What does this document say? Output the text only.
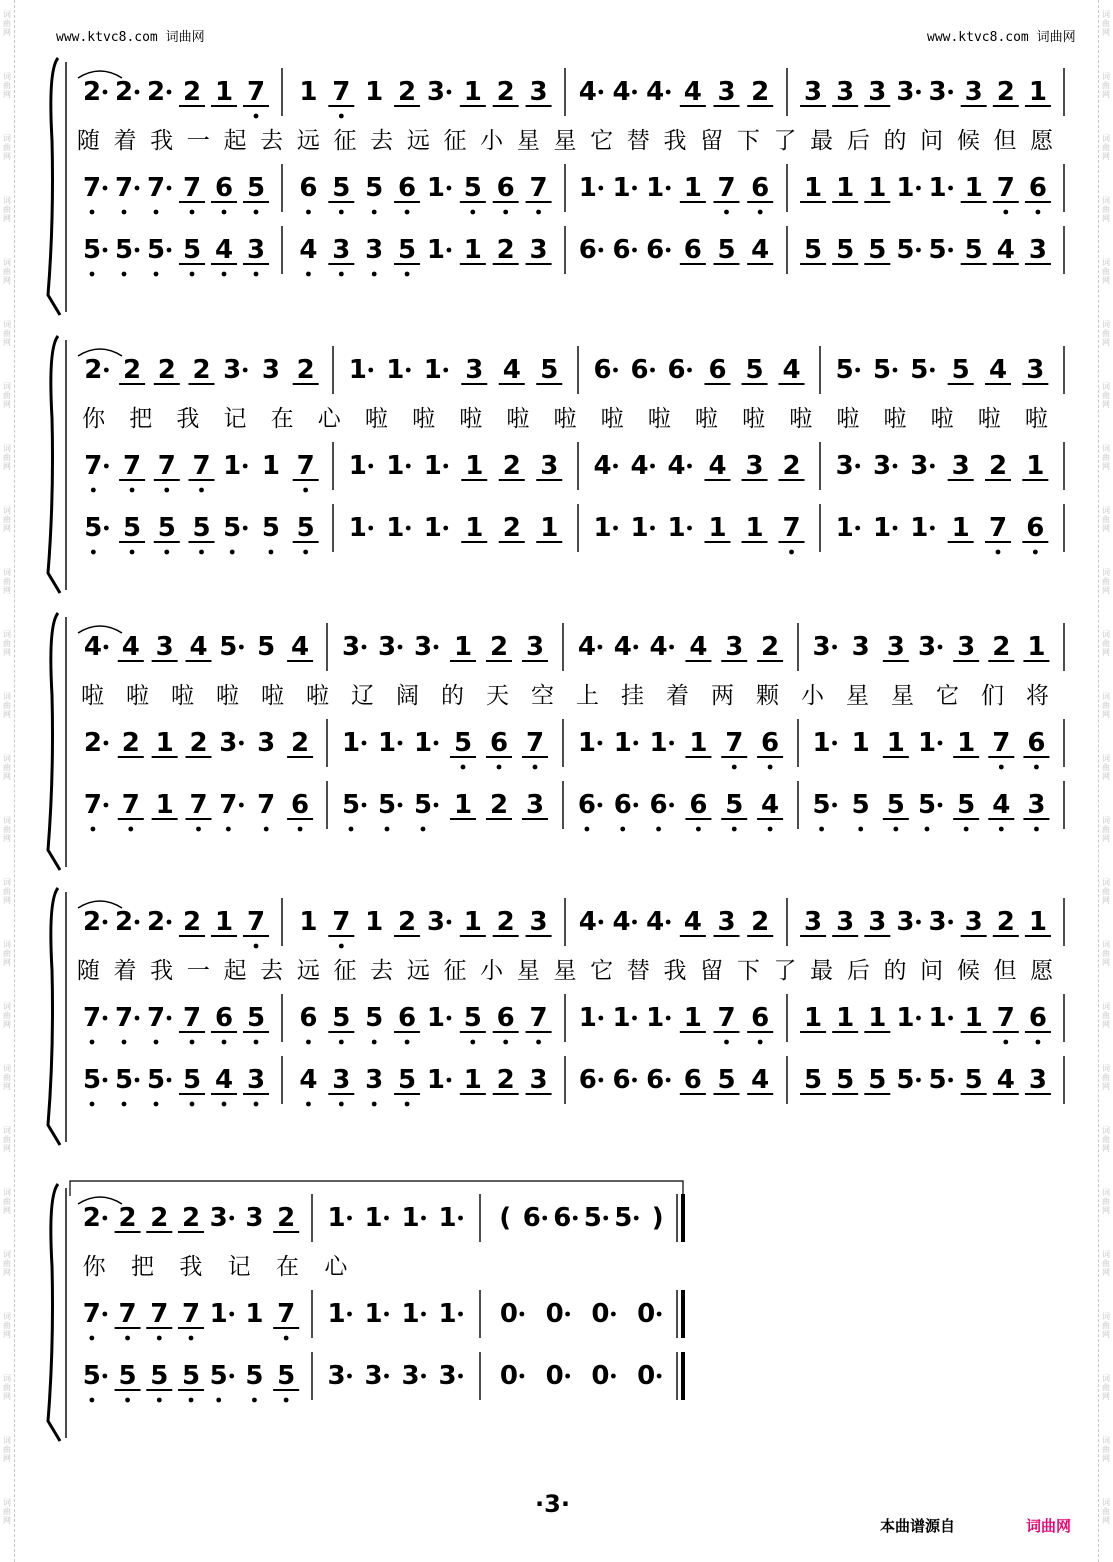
词
曲
网
词
曲
网
词
曲
网
词
曲
网
词
曲
网
词
曲
网
词
曲
网
词
曲
网
词
曲
网
词
曲
网
词
曲
网
词
曲
网
词
曲
网
词
曲
网
词
曲
网
词
曲
网
词
曲
网
词
曲
网
词
曲
网
词
曲
网
词
曲
网
词
曲
网
词
曲
网
词
曲
网
词
曲
网
词
曲
网
词
曲
网
词
曲
网
词
曲
网
词
曲
网
词
曲
网
词
曲
网
词
曲
网
词
曲
网
词
曲
网
词
曲
网
词
曲
网
词
曲
网
词
曲
网
词
曲
网
词
曲
网
词
曲
网
词
曲
网
词
曲
网
词
曲
网
词
曲
网
词
曲
网
词
曲
网
词
曲
网
词
曲
网
www.ktvc8.com 词曲网	www.ktvc8.com 词曲网
2 2 2 2 1 7 1 7 1 2 3 1 2 3 4 4 4 4 3 2 3 3 3 3 3 3 2 1
7 7 7 7 6 5 6 5 5 6 1 5 6 7 1 1 1 1 7 6 1 1 1 1 1 1 7 6
5 5 5 5 4 3 4 3 3 5 1 1 2 3 6 6 6 6 5 4 5 5 5 5 5 5 4 3
随 着 我 一 起 去 远 征 去 远 征 小 星 星 它 替 我 留 下 了 最 后 的 问 候 但 愿
2 2 2 2 3 3 2 1 1 1 3 4 5 6 6 6 6 5 4 5 5 5 5 4 3
7 7 7 7 1 1 7 1 1 1 1 2 3 4 4 4 4 3 2 3 3 3 3 2 1
5 5 5 5 5 5 5 1 1 1 1 2 1 1 1 1 1 1 7 1 1 1 1 7 6
你 把 我 记 在 心 啦 啦 啦 啦 啦 啦 啦 啦 啦 啦 啦 啦 啦 啦 啦
4 4 3 4 5 5 4 3 3 3 1 2 3 4 4 4 4 3 2 3 3 3 3 3 2 1
2 2 1 2 3 3 2 1 1 1 5 6 7 1 1 1 1 7 6 1 1 1 1 1 7 6
7 7 1 7 7 7 6 5 5 5 1 2 3 6 6 6 6 5 4 5 5 5 5 5 4 3
啦 啦 啦 啦 啦 啦 辽 阔 的 天 空 上 挂 着 两 颗 小 星 星 它 们 将
2 2 2 2 1 7 1 7 1 2 3 1 2 3 4 4 4 4 3 2 3 3 3 3 3 3 2 1
7 7 7 7 6 5 6 5 5 6 1 5 6 7 1 1 1 1 7 6 1 1 1 1 1 1 7 6
5 5 5 5 4 3 4 3 3 5 1 1 2 3 6 6 6 6 5 4 5 5 5 5 5 5 4 3
随 着 我 一 起 去 远 征 去 远 征 小 星 星 它 替 我 留 下 了 最 后 的 问 候 但 愿
2 2 2 2 3 3 2 1 1 1 1 ( 6 6 5 5 )
7 7 7 7 1 1 7 1 1 1 1 0 0 0 0
5 5 5 5 5 5 5 3 3 3 3 0 0 0 0
你 把 我 记 在 心
·3·
本曲谱源自	词曲网
